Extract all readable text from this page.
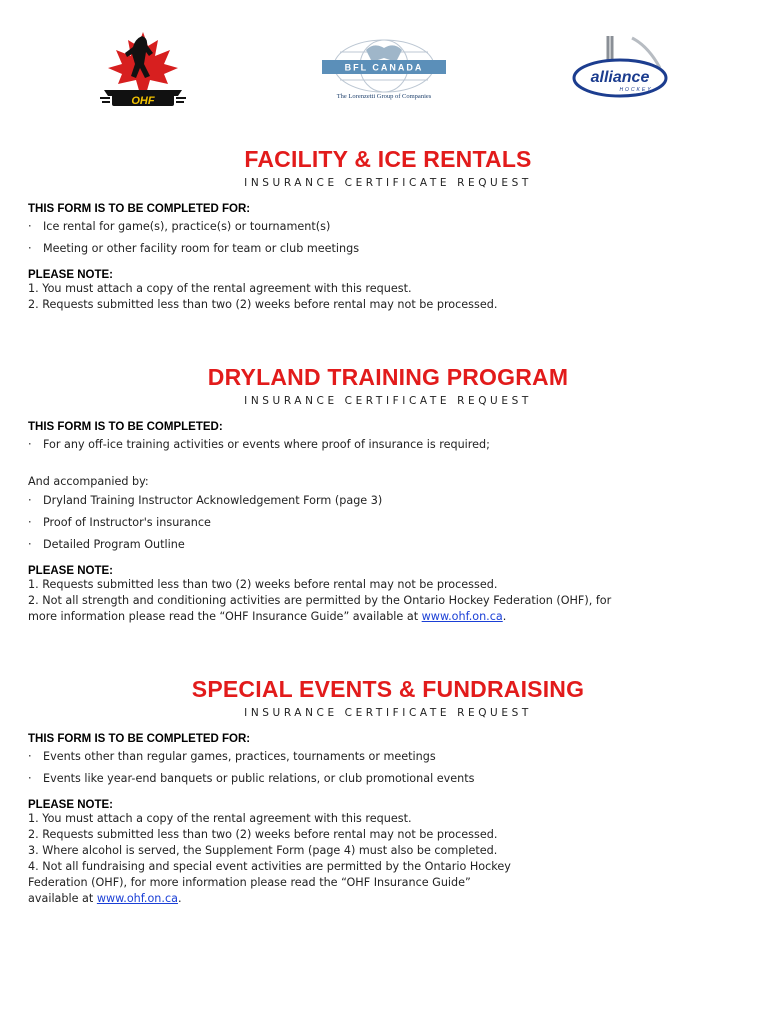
OHF
BFL CANADA
The Lorenzetti Group of Companies
alliance
HOCKEY
FACILITY & ICE RENTALS

INSURANCE CERTIFICATE REQUEST

THIS FORM IS TO BE COMPLETED FOR:

· Ice rental for game(s), practice(s) or tournament(s)
· Meeting or other facility room for team or club meetings

PLEASE NOTE:

1. You must attach a copy of the rental agreement with this request.

2. Requests submitted less than two (2) weeks before rental may not be processed.

DRYLAND TRAINING PROGRAM

INSURANCE CERTIFICATE REQUEST

THIS FORM IS TO BE COMPLETED:

· For any off-ice training activities or events where proof of insurance is required;

And accompanied by:

· Dryland Training Instructor Acknowledgement Form (page 3)
· Proof of Instructor's insurance
· Detailed Program Outline

PLEASE NOTE:

1. Requests submitted less than two (2) weeks before rental may not be processed.

2. Not all strength and conditioning activities are permitted by the Ontario Hockey Federation (OHF), for

more information please read the “OHF Insurance Guide” available at www.ohf.on.ca.

SPECIAL EVENTS & FUNDRAISING

INSURANCE CERTIFICATE REQUEST

THIS FORM IS TO BE COMPLETED FOR:

· Events other than regular games, practices, tournaments or meetings
· Events like year-end banquets or public relations, or club promotional events

PLEASE NOTE:

1. You must attach a copy of the rental agreement with this request.

2. Requests submitted less than two (2) weeks before rental may not be processed.

3. Where alcohol is served, the Supplement Form (page 4) must also be completed.

4. Not all fundraising and special event activities are permitted by the Ontario Hockey

Federation (OHF), for more information please read the “OHF Insurance Guide”

available at www.ohf.on.ca.
